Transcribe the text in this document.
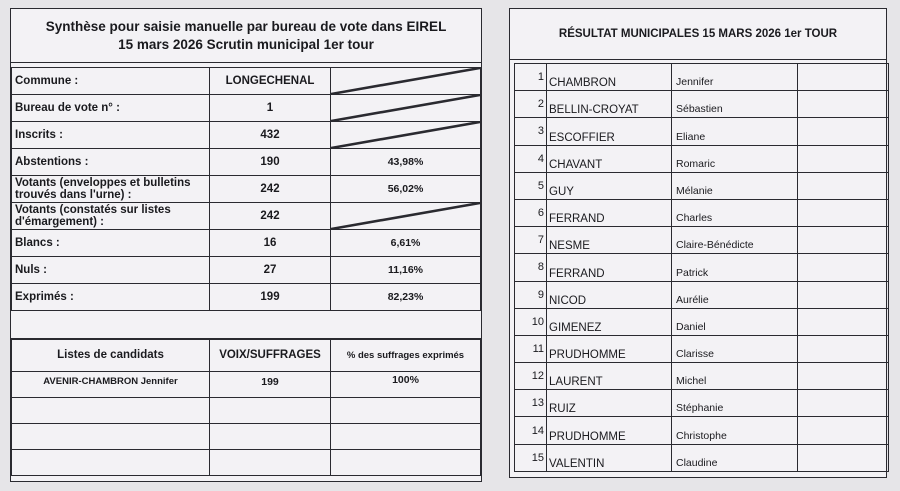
Synthèse pour saisie manuelle par bureau de vote dans EIREL
15 mars 2026 Scrutin municipal 1er tour
Commune :	LONGECHENAL	

Bureau de vote n° :	1	

Inscrits :	432	

Abstentions :	190	43,98%
Votants (enveloppes et bulletins trouvés dans l'urne) :	242	56,02%
Votants (constatés sur listes d'émargement) :	242	

Blancs :	16	6,61%
Nuls :	27	11,16%
Exprimés :	199	82,23%
Listes de candidats	VOIX/SUFFRAGES	% des suffrages exprimés
AVENIR-CHAMBRON Jennifer	199	100%

RÉSULTAT MUNICIPALES 15 MARS 2026 1er TOUR
1	CHAMBRON	Jennifer	
2	BELLIN-CROYAT	Sébastien	
3	ESCOFFIER	Eliane	
4	CHAVANT	Romaric	
5	GUY	Mélanie	
6	FERRAND	Charles	
7	NESME	Claire-Bénédicte	
8	FERRAND	Patrick	
9	NICOD	Aurélie	
10	GIMENEZ	Daniel	
11	PRUDHOMME	Clarisse	
12	LAURENT	Michel	
13	RUIZ	Stéphanie	
14	PRUDHOMME	Christophe	
15	VALENTIN	Claudine	
